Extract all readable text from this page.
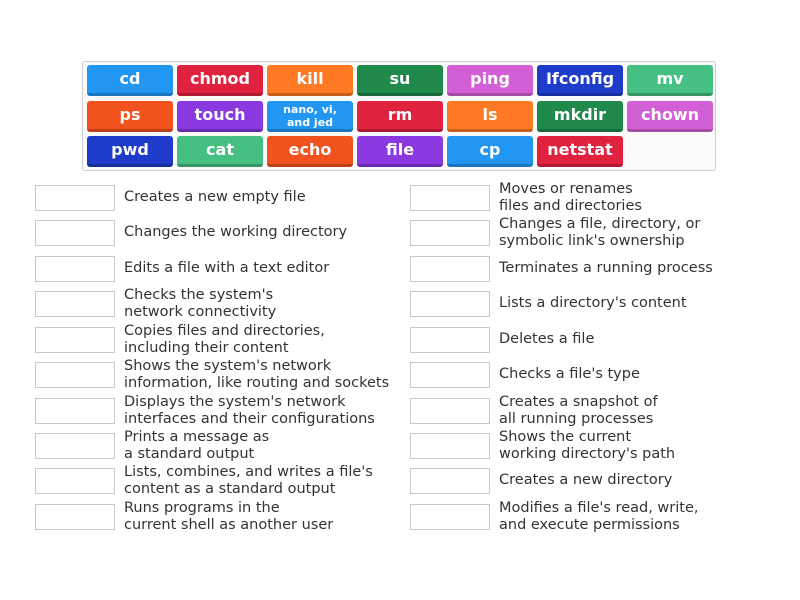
cd	chmod	kill	su	ping Ifconfig	mv
ps	touch	nano, vi,
and jed	rm	ls	mkdir chown
pwd	cat	echo	file	cp	netstat
Creates a new empty file
Changes the working directory
Edits a file with a text editor
Checks the system's
network connectivity
Copies files and directories,
including their content
Shows the system's network
information, like routing and sockets
Displays the system's network
interfaces and their configurations
Prints a message as
a standard output
Lists, combines, and writes a file's
content as a standard output
Runs programs in the
current shell as another user
Moves or renames
files and directories
Changes a file, directory, or
symbolic link's ownership
Terminates a running process
Lists a directory's content
Deletes a file
Checks a file's type
Creates a snapshot of
all running processes
Shows the current
working directory's path
Creates a new directory
Modifies a file's read, write,
and execute permissions
